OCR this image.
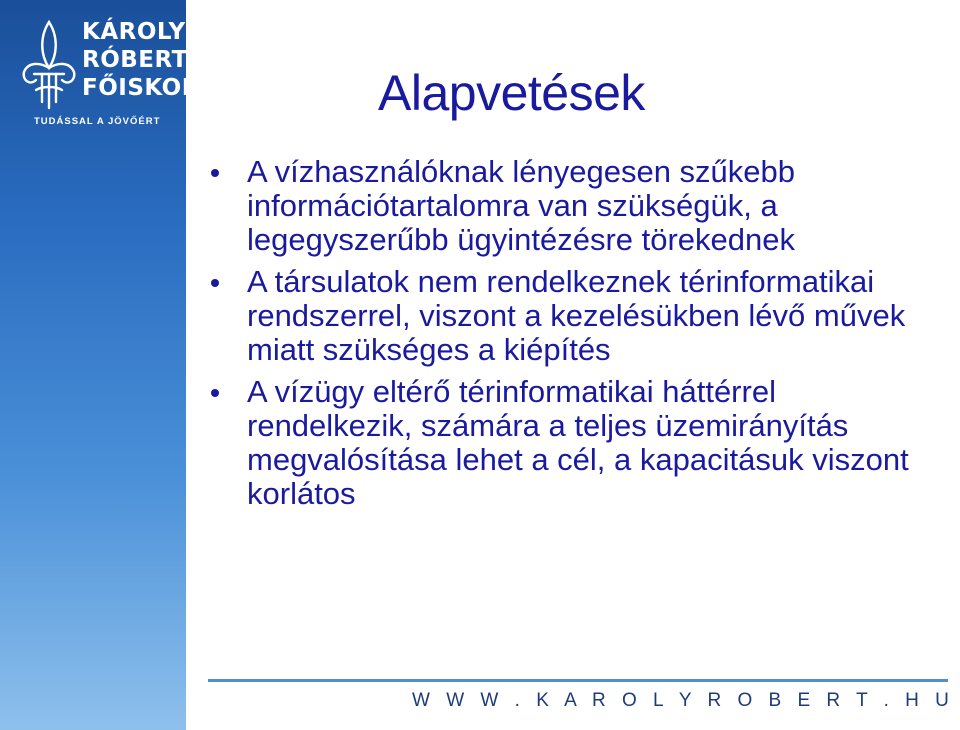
KÁROLY
RÓBERT
FŐISKOLA
TUDÁSSAL A JÖVŐÉRT
Alapvetések
A vízhasználóknak lényegesen szűkebb információtartalomra van szükségük, a legegyszerűbb ügyintézésre törekednek
A társulatok nem rendelkeznek térinformatikai rendszerrel, viszont a kezelésükben lévő művek miatt szükséges a kiépítés
A vízügy eltérő térinformatikai háttérrel rendelkezik, számára a teljes üzemirányítás megvalósítása lehet a cél, a kapacitásuk viszont korlátos
W W W . K A R O L Y R O B E R T . H U
